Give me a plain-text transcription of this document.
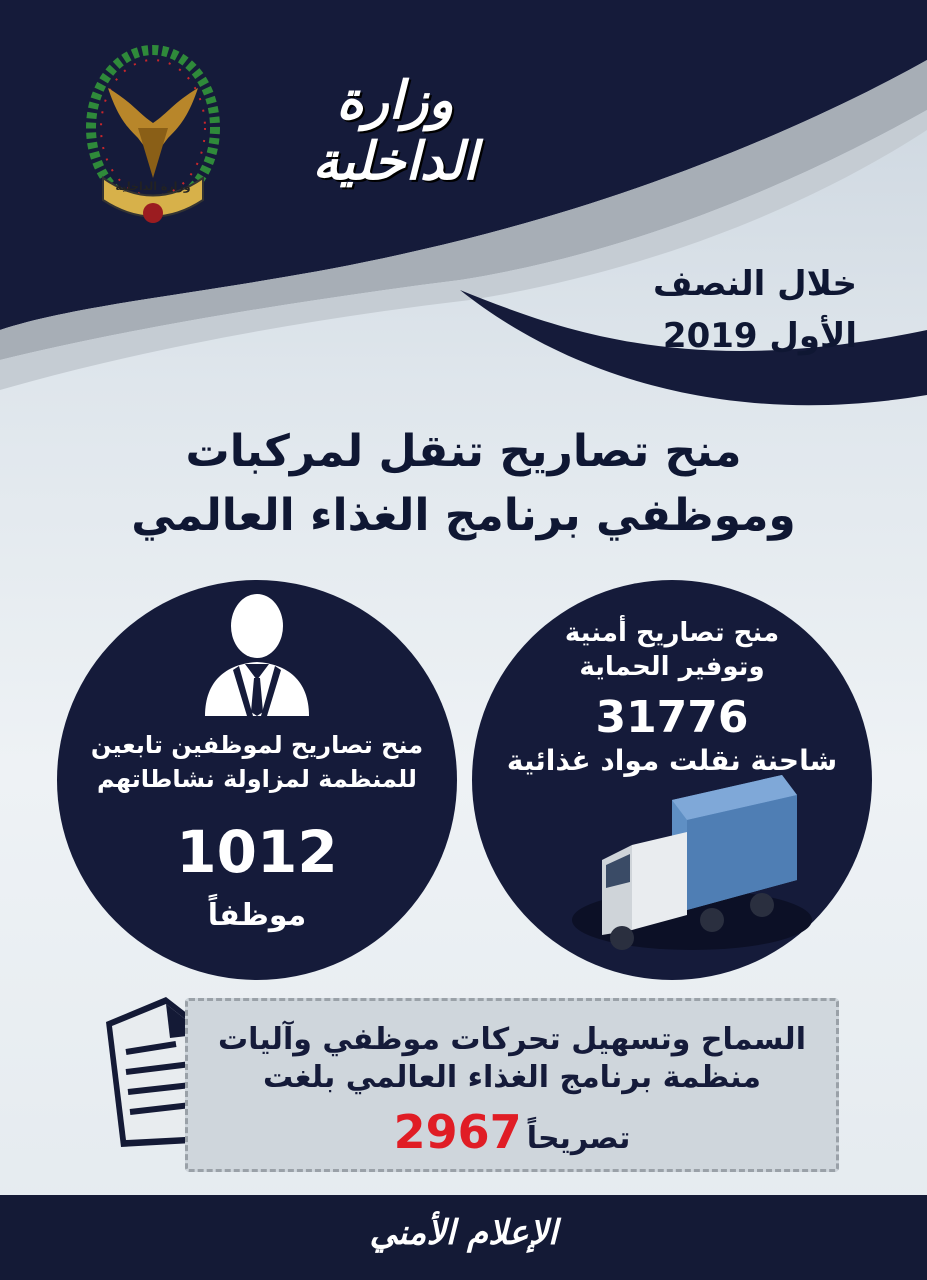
وزارة الداخلية
وزارة الداخلية
خلال النصف
الأول 2019
منح تصاريح تنقل لمركبات
وموظفي برنامج الغذاء العالمي
منح تصاريح لموظفين تابعين
للمنظمة لمزاولة نشاطاتهم
1012
موظفاً
منح تصاريح أمنية
وتوفير الحماية
31776
شاحنة نقلت مواد غذائية
السماح وتسهيل تحركات موظفي وآليات
منظمة برنامج الغذاء العالمي بلغت
تصريحاً 2967
الإعلام الأمني
